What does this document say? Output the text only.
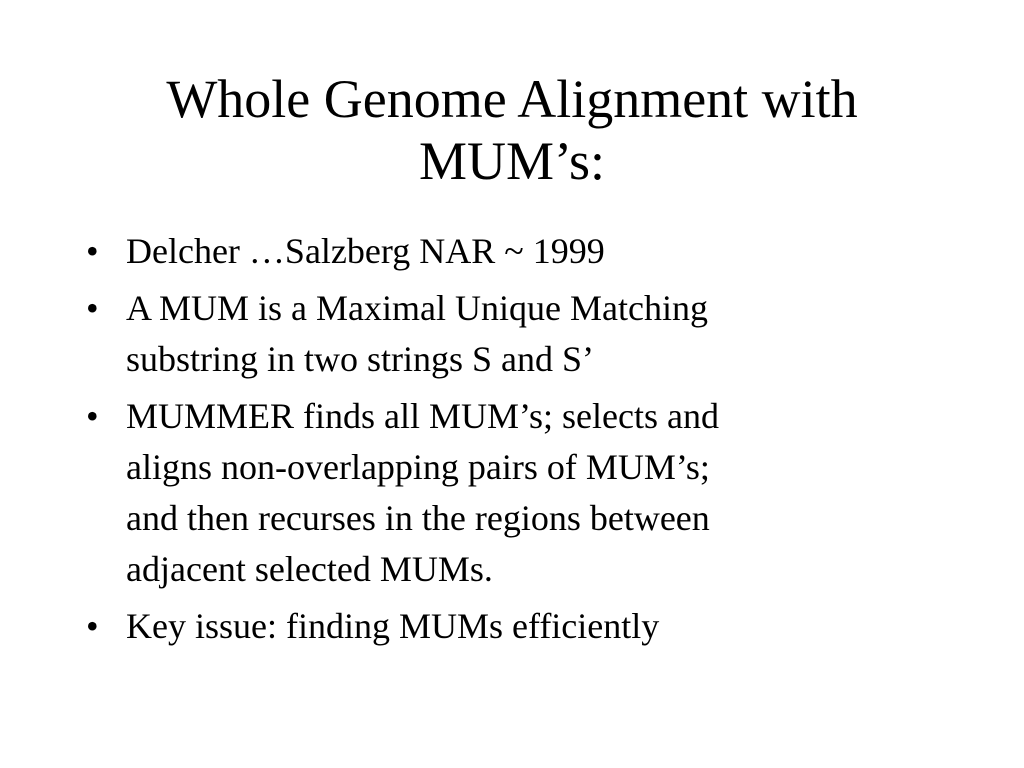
Whole Genome Alignment with
MUM’s:
• Delcher …Salzberg NAR ~ 1999
• A MUM is a Maximal Unique Matching
substring in two strings S and S’
• MUMMER finds all MUM’s; selects and
aligns non-overlapping pairs of MUM’s;
and then recurses in the regions between
adjacent selected MUMs.
• Key issue: finding MUMs efficiently
